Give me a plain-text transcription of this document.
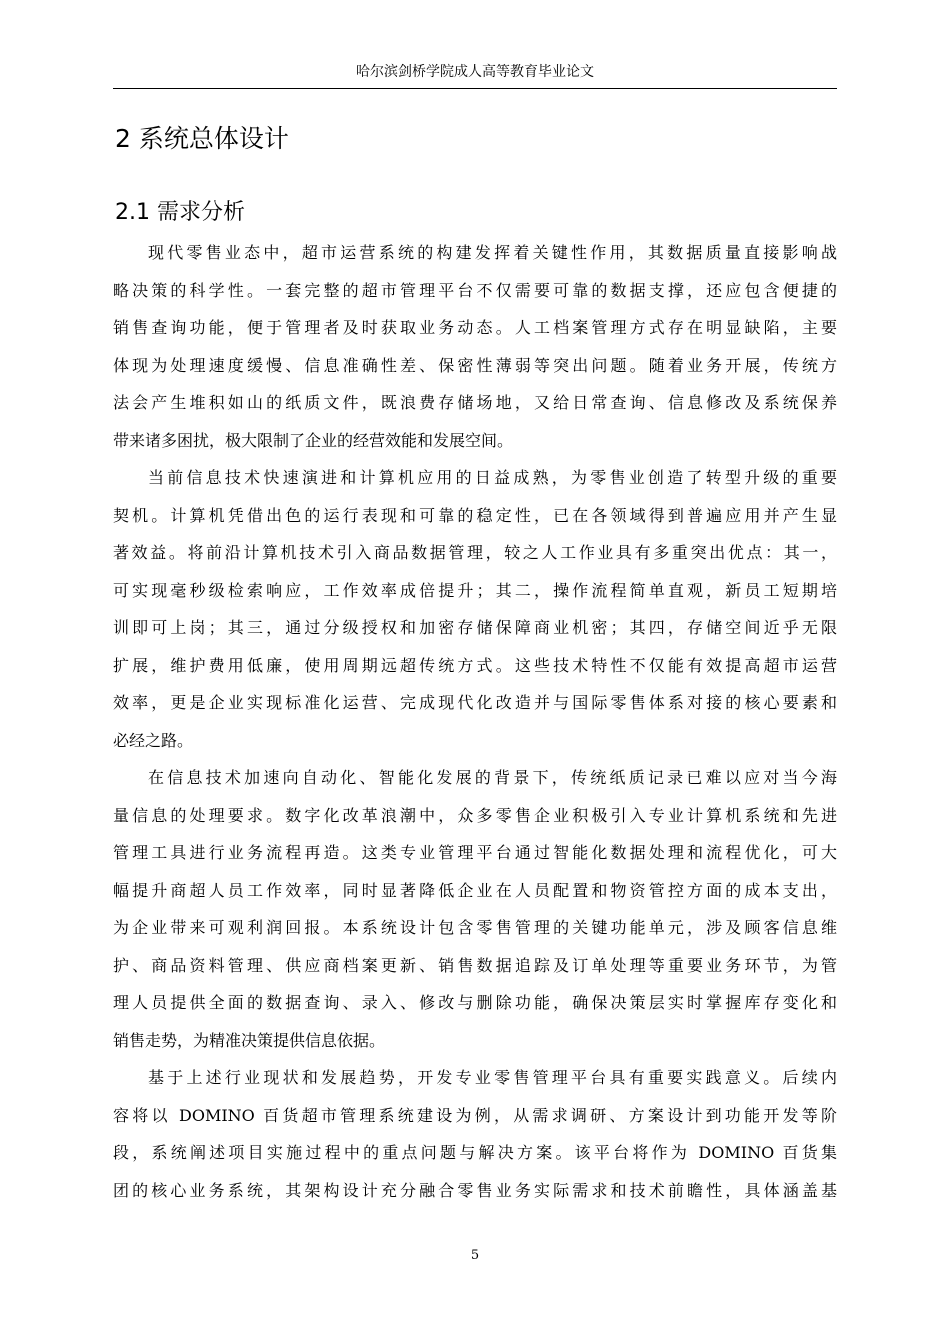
哈尔滨剑桥学院成人高等教育毕业论文
2 系统总体设计
2.1 需求分析
现代零售业态中，超市运营系统的构建发挥着关键性作用，其数据质量直接影响战
略决策的科学性。一套完整的超市管理平台不仅需要可靠的数据支撑，还应包含便捷的
销售查询功能，便于管理者及时获取业务动态。人工档案管理方式存在明显缺陷，主要
体现为处理速度缓慢、信息准确性差、保密性薄弱等突出问题。随着业务开展，传统方
法会产生堆积如山的纸质文件，既浪费存储场地，又给日常查询、信息修改及系统保养
带来诸多困扰，极大限制了企业的经营效能和发展空间。
当前信息技术快速演进和计算机应用的日益成熟，为零售业创造了转型升级的重要
契机。计算机凭借出色的运行表现和可靠的稳定性，已在各领域得到普遍应用并产生显
著效益。将前沿计算机技术引入商品数据管理，较之人工作业具有多重突出优点：其一，
可实现毫秒级检索响应，工作效率成倍提升；其二，操作流程简单直观，新员工短期培
训即可上岗；其三，通过分级授权和加密存储保障商业机密；其四，存储空间近乎无限
扩展，维护费用低廉，使用周期远超传统方式。这些技术特性不仅能有效提高超市运营
效率，更是企业实现标准化运营、完成现代化改造并与国际零售体系对接的核心要素和
必经之路。
在信息技术加速向自动化、智能化发展的背景下，传统纸质记录已难以应对当今海
量信息的处理要求。数字化改革浪潮中，众多零售企业积极引入专业计算机系统和先进
管理工具进行业务流程再造。这类专业管理平台通过智能化数据处理和流程优化，可大
幅提升商超人员工作效率，同时显著降低企业在人员配置和物资管控方面的成本支出，
为企业带来可观利润回报。本系统设计包含零售管理的关键功能单元，涉及顾客信息维
护、商品资料管理、供应商档案更新、销售数据追踪及订单处理等重要业务环节，为管
理人员提供全面的数据查询、录入、修改与删除功能，确保决策层实时掌握库存变化和
销售走势，为精准决策提供信息依据。
基于上述行业现状和发展趋势，开发专业零售管理平台具有重要实践意义。后续内
容将以 DOMINO 百货超市管理系统建设为例，从需求调研、方案设计到功能开发等阶
段，系统阐述项目实施过程中的重点问题与解决方案。该平台将作为 DOMINO 百货集
团的核心业务系统，其架构设计充分融合零售业务实际需求和技术前瞻性，具体涵盖基
5
